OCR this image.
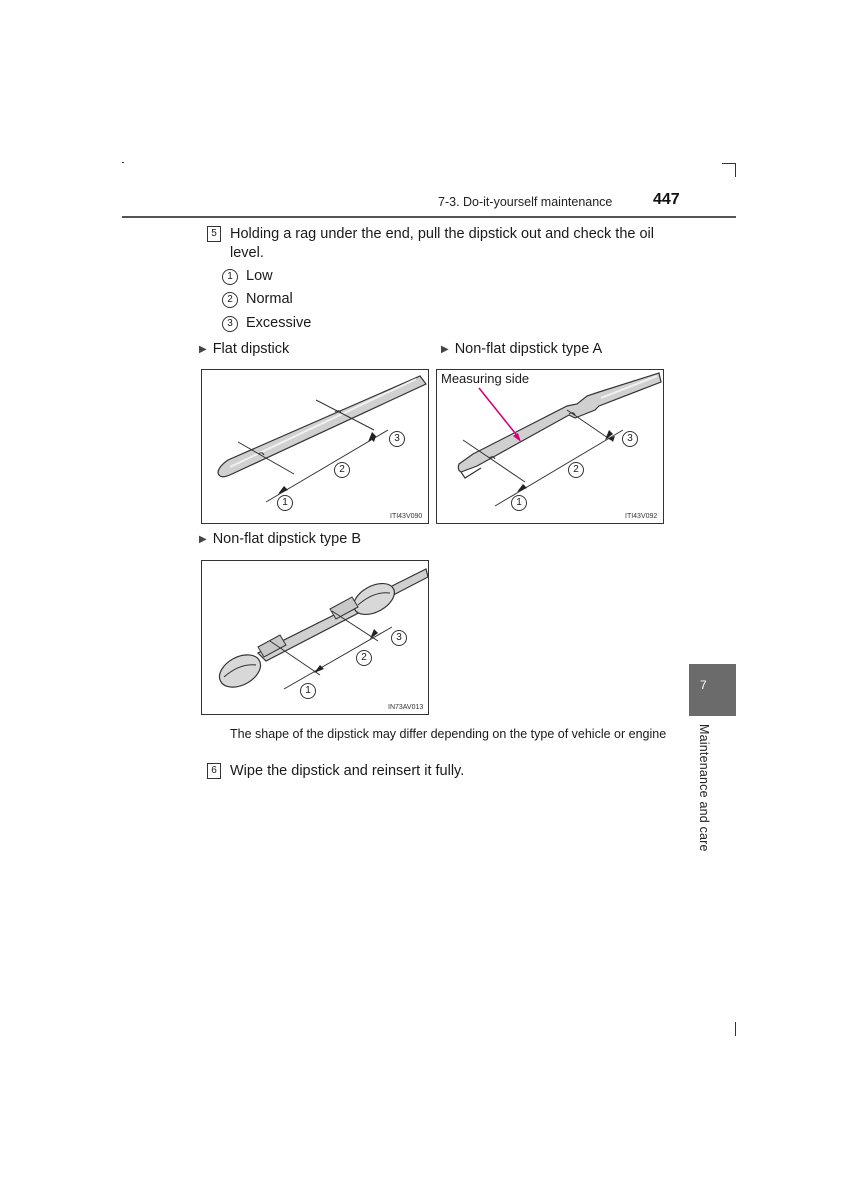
7-3. Do-it-yourself maintenance	447
5 Holding a rag under the end, pull the dipstick out and check the oil level.
1 Low
2 Normal
3 Excessive
▶ Flat dipstick	▶ Non-flat dipstick type A
3
2
1
ITI43V090
Measuring side
3
2
1
ITI43V092
▶ Non-flat dipstick type B
3
2
1
IN73AV013
The shape of the dipstick may differ depending on the type of vehicle or engine
6 Wipe the dipstick and reinsert it fully.
7
Maintenance and care
